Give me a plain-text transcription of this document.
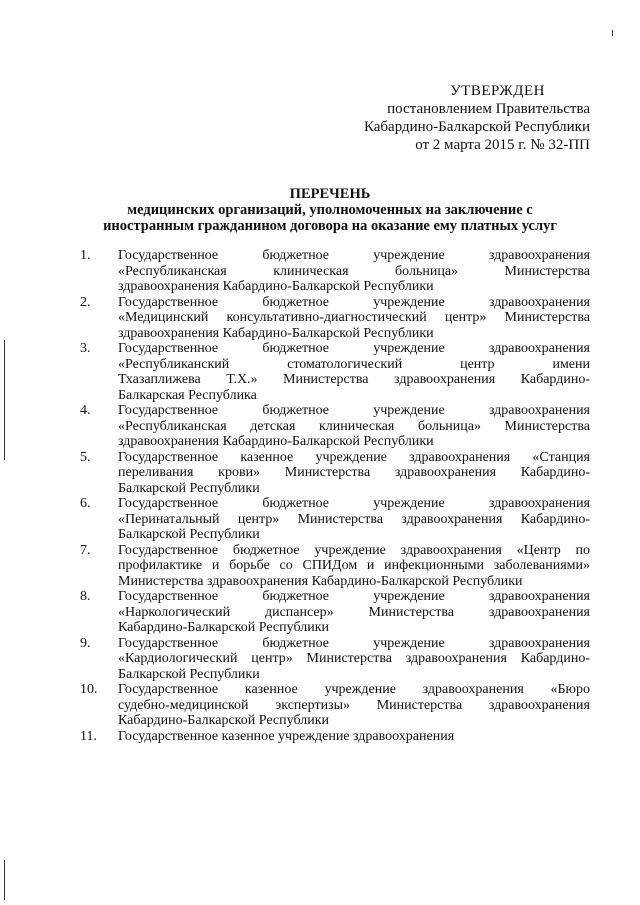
УТВЕРЖДЕН
постановлением Правительства
Кабардино-Балкарской Республики
от 2 марта 2015 г. № 32-ПП
ПЕРЕЧЕНЬ
медицинских организаций, уполномоченных на заключение с
иностранным гражданином договора на оказание ему платных услуг
1.	Государственное бюджетное учреждение здравоохранения
«Республиканская клиническая больница» Министерства
здравоохранения Кабардино-Балкарской Республики
2.	Государственное бюджетное учреждение здравоохранения
«Медицинский консультативно-диагностический центр» Министерства
здравоохранения Кабардино-Балкарской Республики
3.	Государственное бюджетное учреждение здравоохранения
«Республиканский стоматологический центр имени
Тхазаплижева Т.Х.» Министерства здравоохранения Кабардино-
Балкарская Республика
4.	Государственное бюджетное учреждение здравоохранения
«Республиканская детская клиническая больница» Министерства
здравоохранения Кабардино-Балкарской Республики
5.	Государственное казенное учреждение здравоохранения «Станция
переливания крови» Министерства здравоохранения Кабардино-
Балкарской Республики
6.	Государственное бюджетное учреждение здравоохранения
«Перинатальный центр» Министерства здравоохранения Кабардино-
Балкарской Республики
7.	Государственное бюджетное учреждение здравоохранения «Центр по
профилактике и борьбе со СПИДом и инфекционными заболеваниями»
Министерства здравоохранения Кабардино-Балкарской Республики
8.	Государственное бюджетное учреждение здравоохранения
«Наркологический диспансер» Министерства здравоохранения
Кабардино-Балкарской Республики
9.	Государственное бюджетное учреждение здравоохранения
«Кардиологический центр» Министерства здравоохранения Кабардино-
Балкарской Республики
10.	Государственное казенное учреждение здравоохранения «Бюро
судебно-медицинской экспертизы» Министерства здравоохранения
Кабардино-Балкарской Республики
11.	Государственное казенное учреждение здравоохранения
